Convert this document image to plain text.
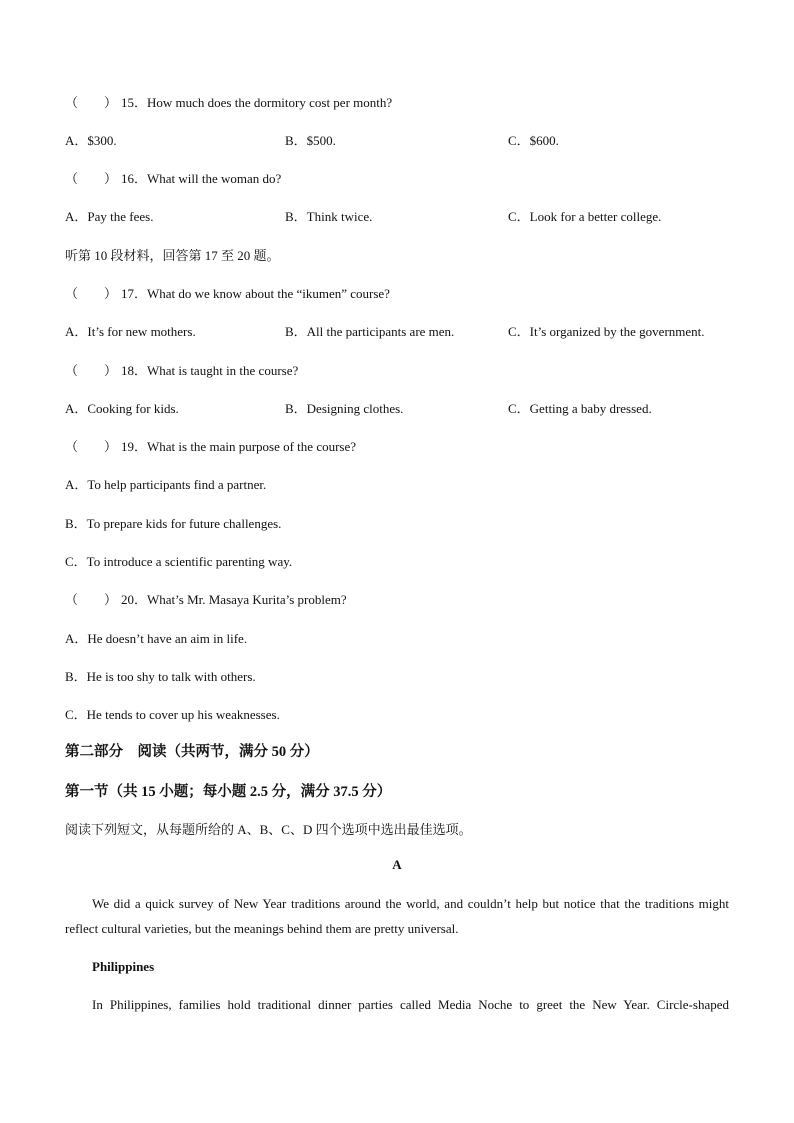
（　　） 15．How much does the dormitory cost per month?
A．$300.	B．$500.	C．$600.
（　　） 16．What will the woman do?
A．Pay the fees.	B．Think twice.	C．Look for a better college.
听第 10 段材料，回答第 17 至 20 题。
（　　） 17．What do we know about the “ikumen” course?
A．It’s for new mothers.	B．All the participants are men.	C．It’s organized by the government.
（　　） 18．What is taught in the course?
A．Cooking for kids.	B．Designing clothes.	C．Getting a baby dressed.
（　　） 19．What is the main purpose of the course?
A．To help participants find a partner.
B．To prepare kids for future challenges.
C．To introduce a scientific parenting way.
（　　） 20．What’s Mr. Masaya Kurita’s problem?
A．He doesn’t have an aim in life.
B．He is too shy to talk with others.
C．He tends to cover up his weaknesses.
第二部分　阅读（共两节，满分 50 分）
第一节（共 15 小题；每小题 2.5 分，满分 37.5 分）
阅读下列短文，从每题所给的 A、B、C、D 四个选项中选出最佳选项。
A
We did a quick survey of New Year traditions around the world, and couldn’t help but notice that the traditions might reflect cultural varieties, but the meanings behind them are pretty universal.
Philippines
In Philippines, families hold traditional dinner parties called Media Noche to greet the New Year. Circle-shaped
